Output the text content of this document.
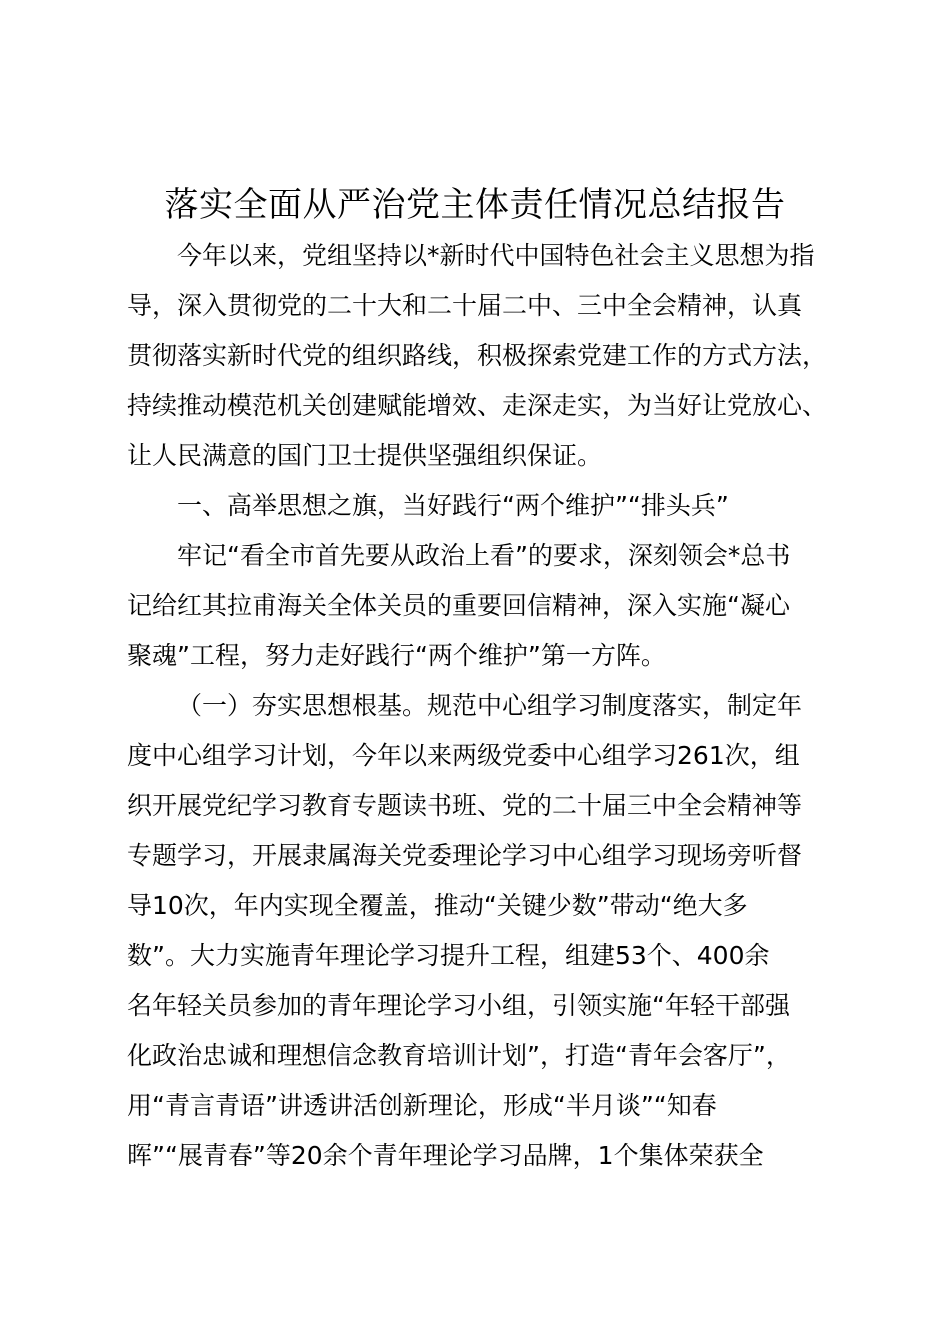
落实全面从严治党主体责任情况总结报告
今年以来，党组坚持以*新时代中国特色社会主义思想为指
导，深入贯彻党的二十大和二十届二中、三中全会精神，认真
贯彻落实新时代党的组织路线，积极探索党建工作的方式方法，
持续推动模范机关创建赋能增效、走深走实，为当好让党放心、
让人民满意的国门卫士提供坚强组织保证。
一、高举思想之旗，当好践行“两个维护”“排头兵”
牢记“看全市首先要从政治上看”的要求，深刻领会*总书
记给红其拉甫海关全体关员的重要回信精神，深入实施“凝心
聚魂”工程，努力走好践行“两个维护”第一方阵。
（一）夯实思想根基。规范中心组学习制度落实，制定年
度中心组学习计划，今年以来两级党委中心组学习261次，组
织开展党纪学习教育专题读书班、党的二十届三中全会精神等
专题学习，开展隶属海关党委理论学习中心组学习现场旁听督
导10次，年内实现全覆盖，推动“关键少数”带动“绝大多
数”。大力实施青年理论学习提升工程，组建53个、400余
名年轻关员参加的青年理论学习小组，引领实施“年轻干部强
化政治忠诚和理想信念教育培训计划”，打造“青年会客厅”，
用“青言青语”讲透讲活创新理论，形成“半月谈”“知春
晖”“展青春”等20余个青年理论学习品牌，1个集体荣获全
